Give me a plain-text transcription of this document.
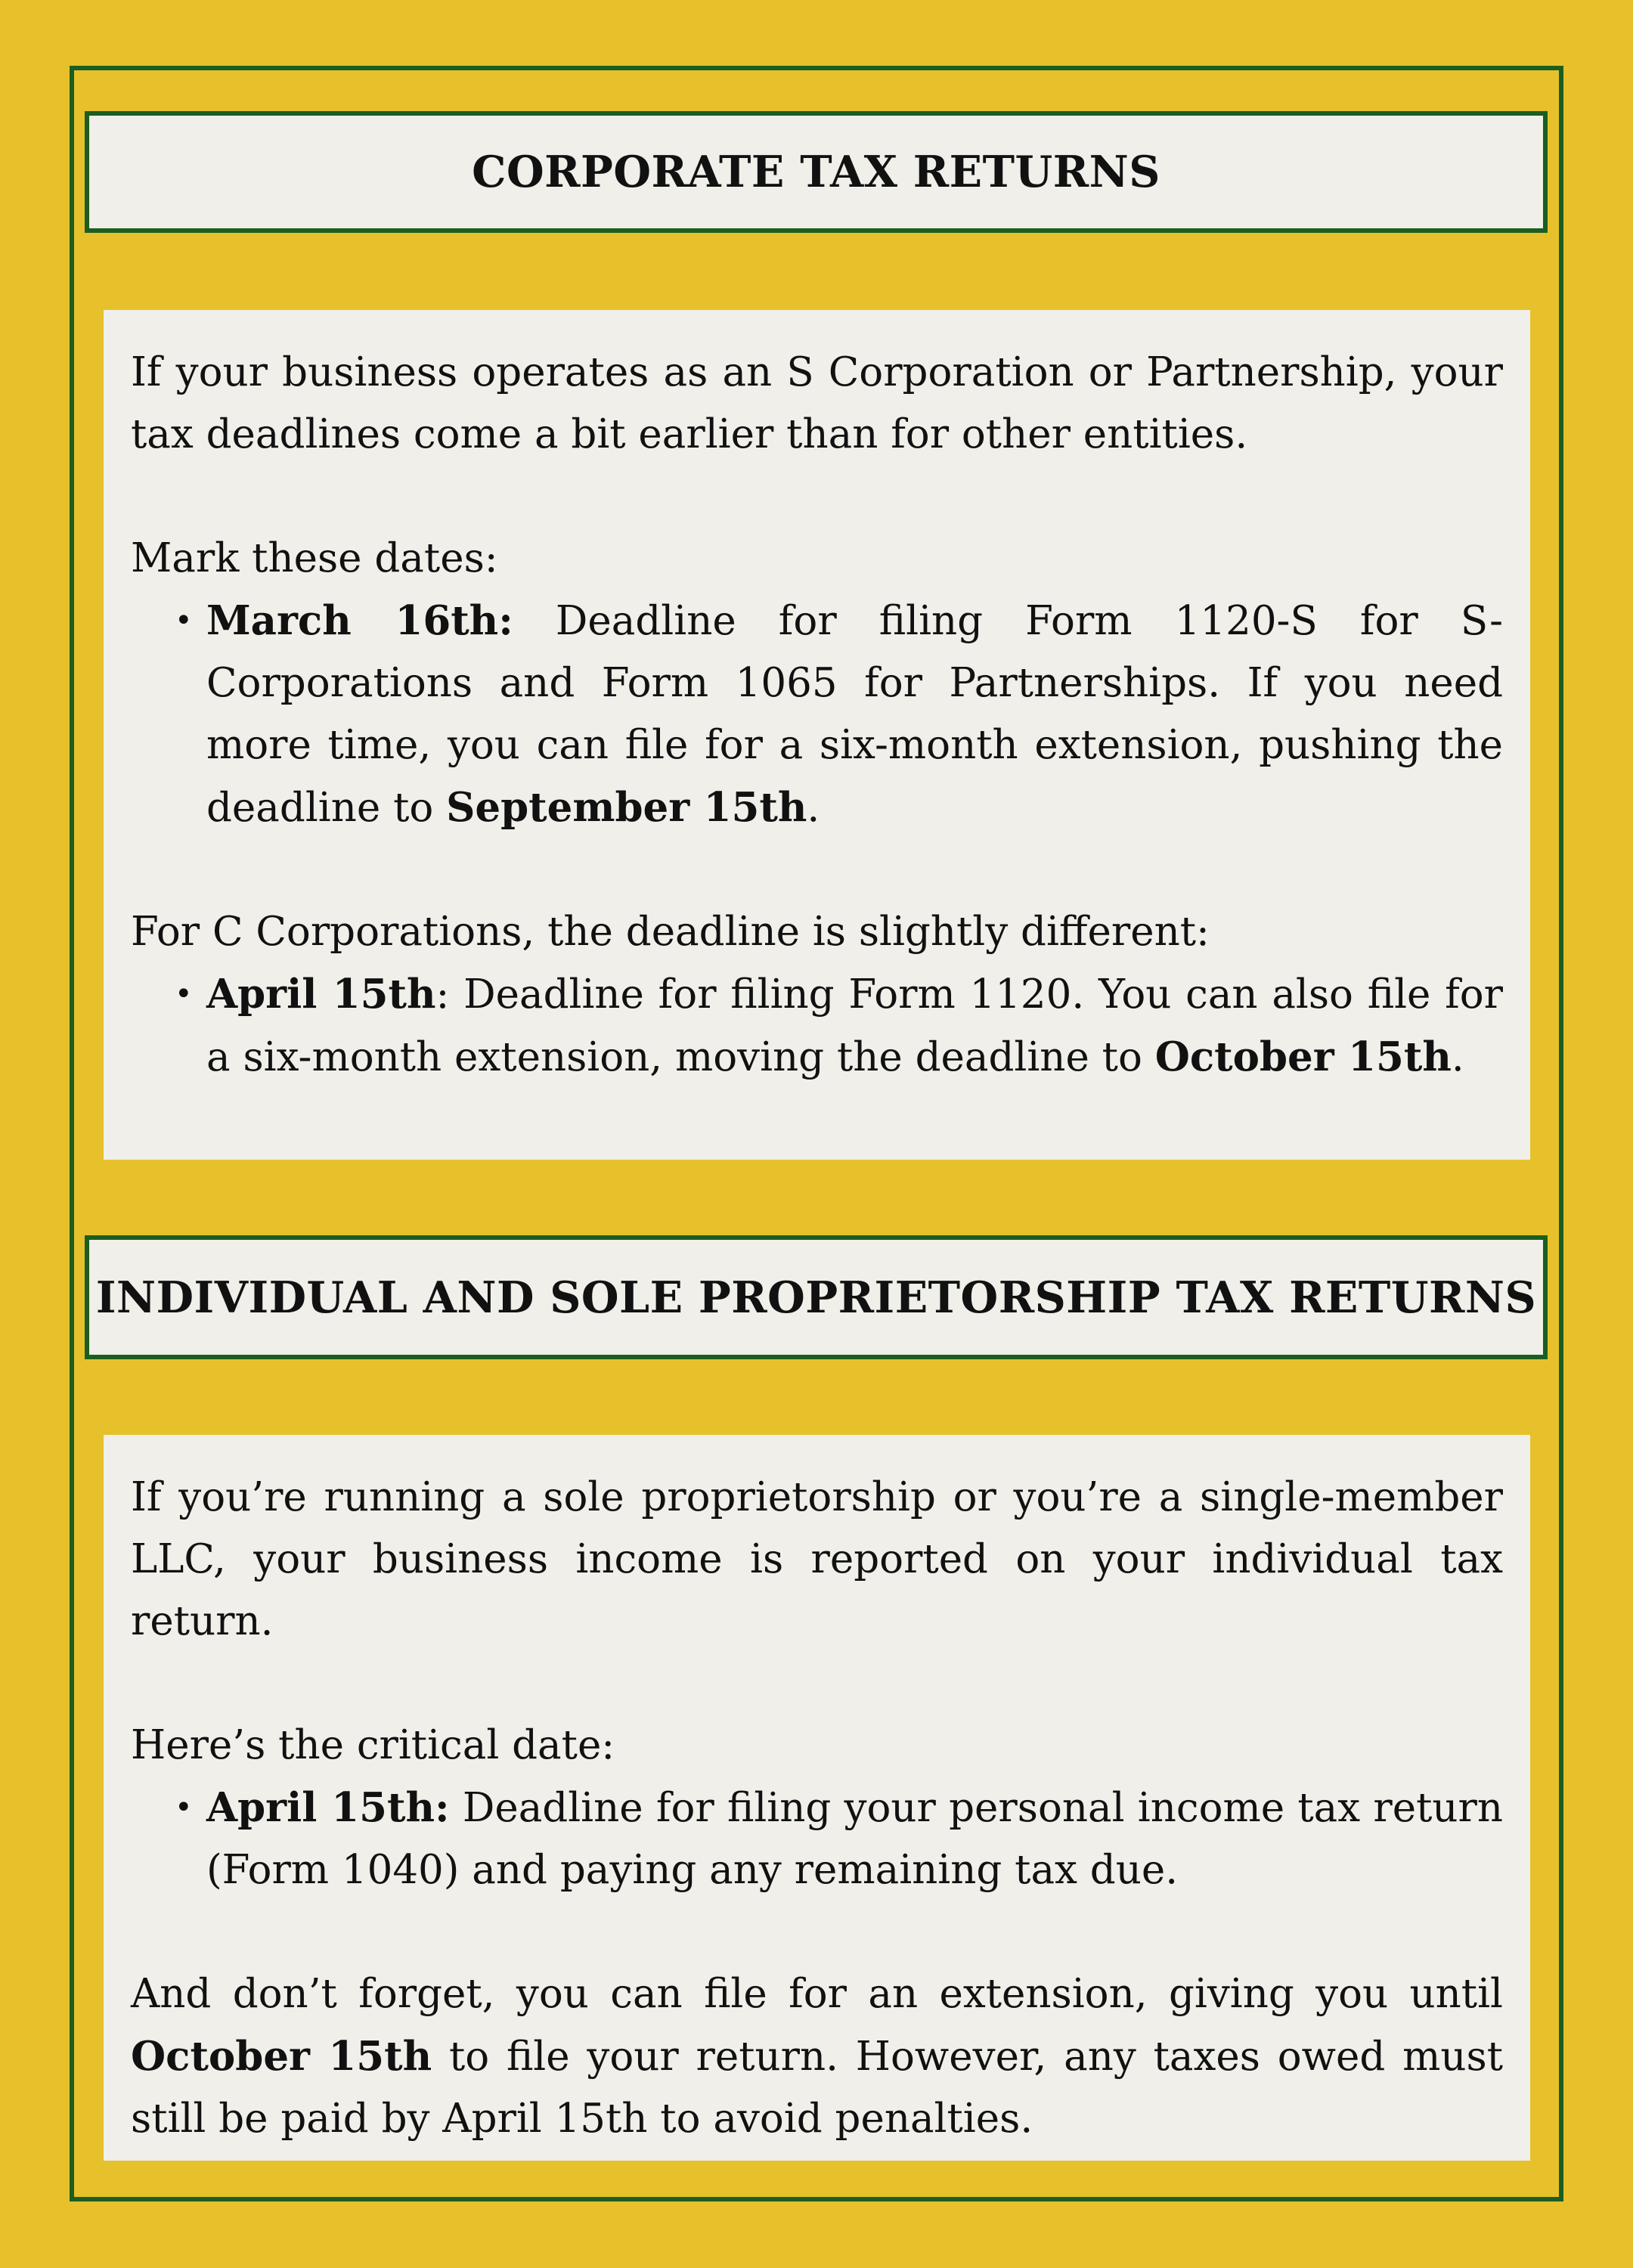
CORPORATE TAX RETURNS

If your business operates as an S Corporation or Partnership, your tax deadlines come a bit earlier than for other entities.

Mark these dates:

• March 16th: Deadline for filing Form 1120-S for S-Corporations and Form 1065 for Partnerships. If you need more time, you can file for a six-month extension, pushing the deadline to September 15th.

For C Corporations, the deadline is slightly different:

• April 15th: Deadline for filing Form 1120. You can also file for a six-month extension, moving the deadline to October 15th.
INDIVIDUAL AND SOLE PROPRIETORSHIP TAX RETURNS

If you’re running a sole proprietorship or you’re a single-member LLC, your business income is reported on your individual tax return.

Here’s the critical date:

• April 15th: Deadline for filing your personal income tax return (Form 1040) and paying any remaining tax due.

And don’t forget, you can file for an extension, giving you until October 15th to file your return. However, any taxes owed must still be paid by April 15th to avoid penalties.
